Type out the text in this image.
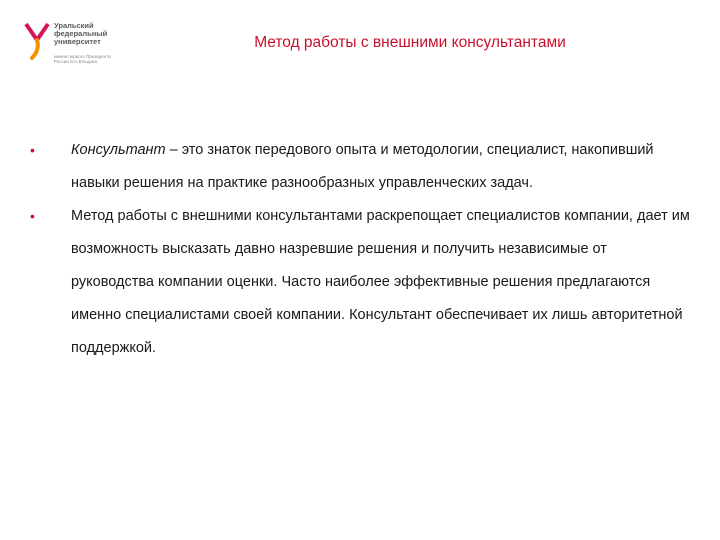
Уральский
федеральный
университет
имени первого Президента
России Б.Н.Ельцина
Метод работы с внешними консультантами
• Консультант – это знаток передового опыта и методологии, специалист, накопивший навыки решения на практике разнообразных управленческих задач.
• Метод работы с внешними консультантами раскрепощает специалистов компании, дает им возможность высказать давно назревшие решения и получить независимые от руководства компании оценки. Часто наиболее эффективные решения предлагаются именно специалистами своей компании. Консультант обеспечивает их лишь авторитетной поддержкой.
